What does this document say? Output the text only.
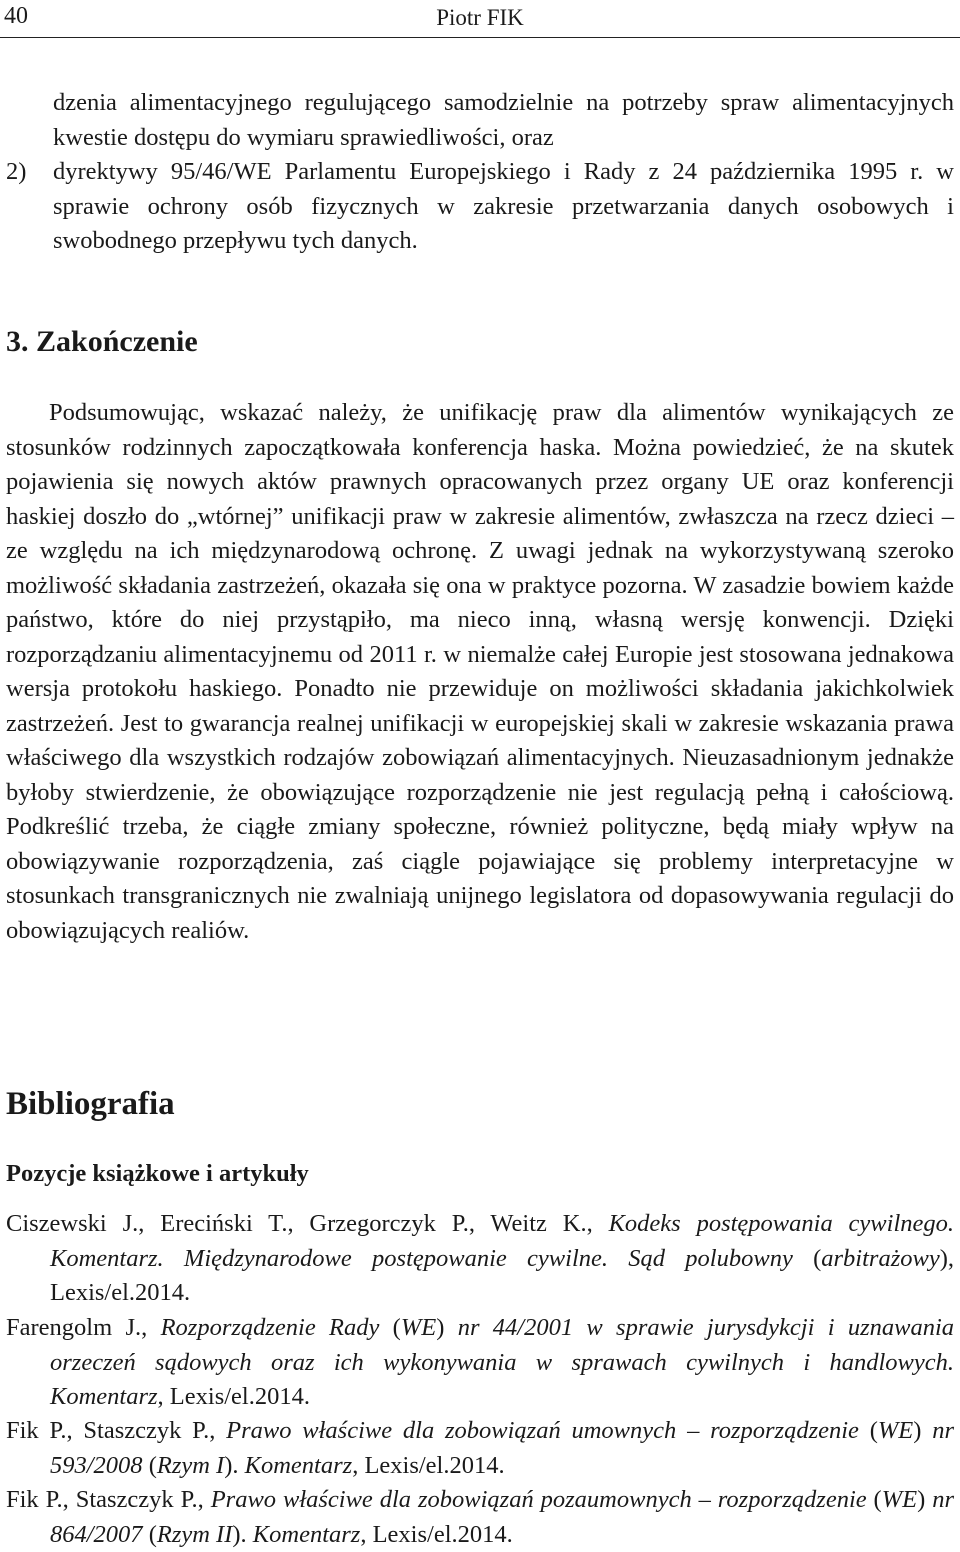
40	Piotr FIK
dzenia alimentacyjnego regulującego samodzielnie na potrzeby spraw alimentacyjnych kwestie dostępu do wymiaru sprawiedliwości, oraz
2) dyrektywy 95/46/WE Parlamentu Europejskiego i Rady z 24 października 1995 r. w sprawie ochrony osób fizycznych w zakresie przetwarzania danych osobowych i swobodnego przepływu tych danych.
3. Zakończenie
Podsumowując, wskazać należy, że unifikację praw dla alimentów wynikających ze stosunków rodzinnych zapoczątkowała konferencja haska. Można powiedzieć, że na skutek pojawienia się nowych aktów prawnych opracowanych przez organy UE oraz konferencji haskiej doszło do „wtórnej” unifikacji praw w zakresie alimentów, zwłaszcza na rzecz dzieci – ze względu na ich międzynarodową ochronę. Z uwagi jednak na wykorzystywaną szeroko możliwość składania zastrzeżeń, okazała się ona w praktyce pozorna. W zasadzie bowiem każde państwo, które do niej przystąpiło, ma nieco inną, własną wersję konwencji. Dzięki rozporządzaniu alimentacyjnemu od 2011 r. w niemalże całej Europie jest stosowana jednakowa wersja protokołu haskiego. Ponadto nie przewiduje on możliwości składania jakichkolwiek zastrzeżeń. Jest to gwarancja realnej unifikacji w europejskiej skali w zakresie wskazania prawa właściwego dla wszystkich rodzajów zobowiązań alimentacyjnych. Nieuzasadnionym jednakże byłoby stwierdzenie, że obowiązujące rozporządzenie nie jest regulacją pełną i całościową. Podkreślić trzeba, że ciągłe zmiany społeczne, również polityczne, będą miały wpływ na obowiązywanie rozporządzenia, zaś ciągle pojawiające się problemy interpretacyjne w stosunkach transgranicznych nie zwalniają unijnego legislatora od dopasowywania regulacji do obowiązujących realiów.
Bibliografia
Pozycje książkowe i artykuły
Ciszewski J., Ereciński T., Grzegorczyk P., Weitz K., Kodeks postępowania cywilnego. Komentarz. Międzynarodowe postępowanie cywilne. Sąd polubowny (arbitrażowy), Lexis/el.2014.
Farengolm J., Rozporządzenie Rady (WE) nr 44/2001 w sprawie jurysdykcji i uznawania orzeczeń sądowych oraz ich wykonywania w sprawach cywilnych i handlowych. Komentarz, Lexis/el.2014.
Fik P., Staszczyk P., Prawo właściwe dla zobowiązań umownych – rozporządzenie (WE) nr 593/2008 (Rzym I). Komentarz, Lexis/el.2014.
Fik P., Staszczyk P., Prawo właściwe dla zobowiązań pozaumownych – rozporządzenie (WE) nr 864/2007 (Rzym II). Komentarz, Lexis/el.2014.
